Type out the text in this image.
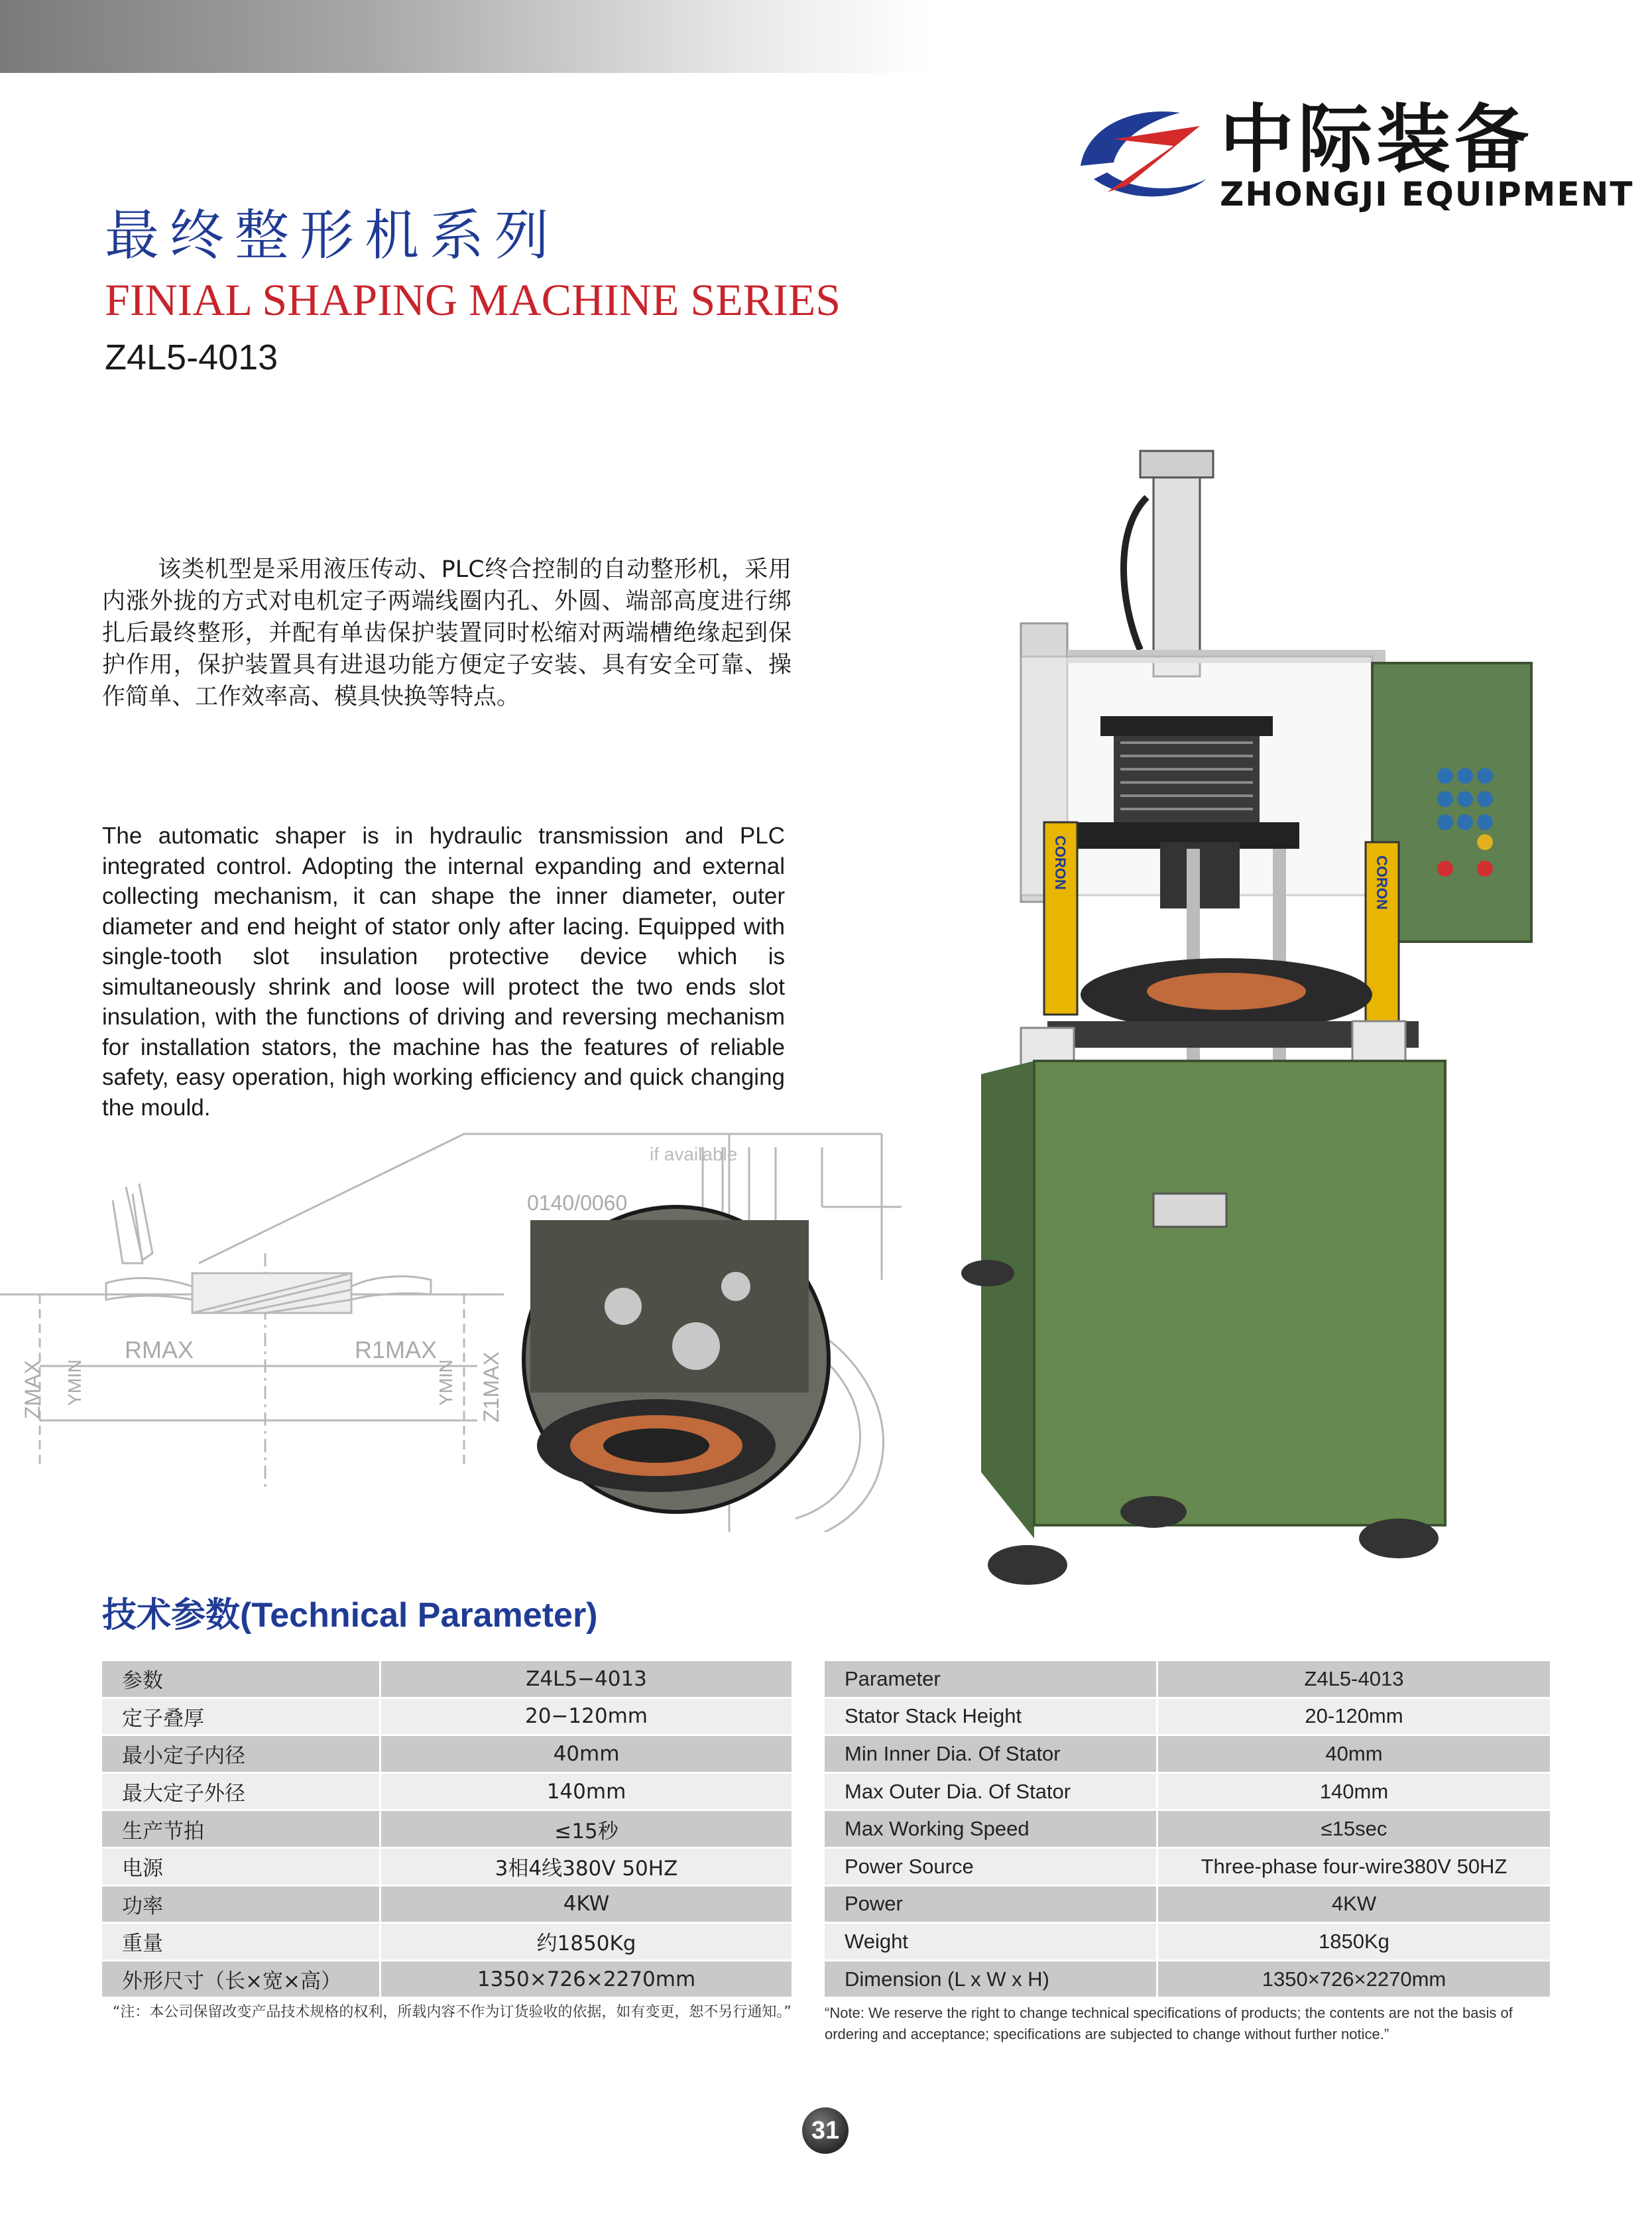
中际装备
ZHONGJI EQUIPMENT
最终整形机系列
FINIAL SHAPING MACHINE SERIES
Z4L5-4013
该类机型是采用液压传动、PLC终合控制的自动整形机，采用内涨外拢的方式对电机定子两端线圈内孔、外圆、端部高度进行绑扎后最终整形，并配有单齿保护装置同时松缩对两端槽绝缘起到保护作用，保护装置具有进退功能方便定子安装、具有安全可靠、操作简单、工作效率高、模具快换等特点。
The automatic shaper is in hydraulic transmission and PLC integrated control. Adopting the internal expanding and external collecting mechanism, it can shape the inner diameter, outer diameter and end height of stator only after lacing. Equipped with single-tooth slot insulation protective device which is simultaneously shrink and loose will protect the two ends slot insulation, with the functions of driving and reversing mechanism for installation stators, the machine has the features of reliable safety, easy operation, high working efficiency and quick changing the mould.
RMAX	R1MAX
0140/0060
if available
ZMAX YMIN	YMIN Z1MAX
CORON	CORON
技术参数(Technical Parameter)
参数	Z4L5−4013
定子叠厚	20−120mm
最小定子内径	40mm
最大定子外径	140mm
生产节拍	≤15秒
电源	3相4线380V 50HZ
功率	4KW
重量	约1850Kg
外形尺寸（长×宽×高）	1350×726×2270mm
Parameter	Z4L5-4013
Stator Stack Height	20-120mm
Min Inner Dia. Of Stator	40mm
Max Outer Dia. Of Stator	140mm
Max Working Speed	≤15sec
Power Source	Three-phase four-wire380V 50HZ
Power	4KW
Weight	1850Kg
Dimension (L x W x H)	1350×726×2270mm
“注：本公司保留改变产品技术规格的权利，所载内容不作为订货验收的依据，如有变更，恕不另行通知。” “Note: We reserve the right to change technical specifications of products; the contents are not the basis of ordering and acceptance; specifications are subjected to change without further notice.”
31
